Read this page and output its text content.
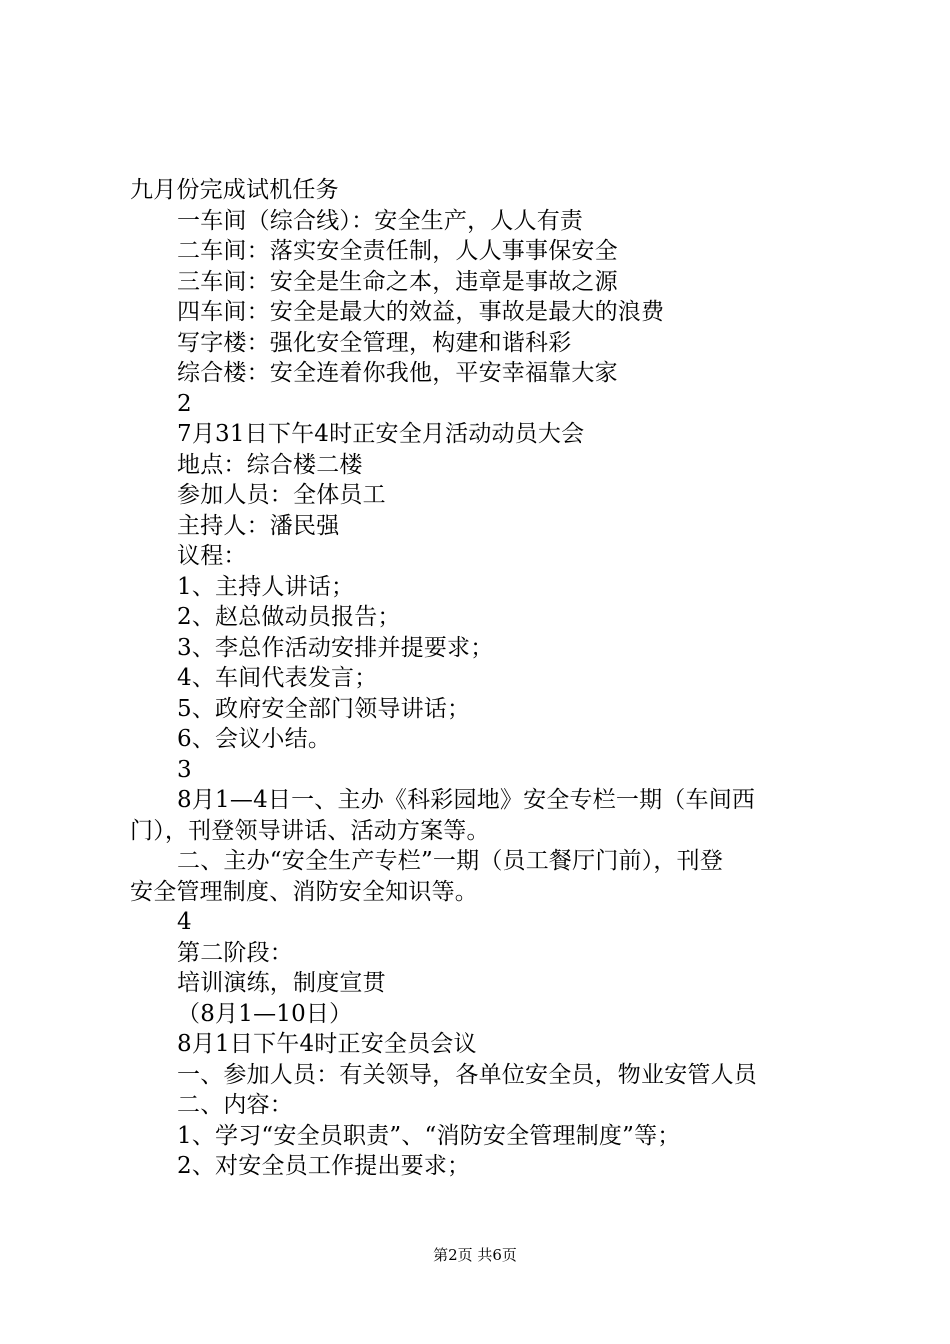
九月份完成试机任务
一车间（综合线）：安全生产，人人有责
二车间：落实安全责任制，人人事事保安全
三车间：安全是生命之本，违章是事故之源
四车间：安全是最大的效益，事故是最大的浪费
写字楼：强化安全管理，构建和谐科彩
综合楼：安全连着你我他，平安幸福靠大家
2
7月31日下午4时正安全月活动动员大会
地点：综合楼二楼
参加人员：全体员工
主持人：潘民强
议程：
1、主持人讲话；
2、赵总做动员报告；
3、李总作活动安排并提要求；
4、车间代表发言；
5、政府安全部门领导讲话；
6、会议小结。
3
8月1—4日一、主办《科彩园地》安全专栏一期（车间西
门），刊登领导讲话、活动方案等。
二、主办“安全生产专栏”一期（员工餐厅门前），刊登
安全管理制度、消防安全知识等。
4
第二阶段：
培训演练，制度宣贯
（8月1—10日）
8月1日下午4时正安全员会议
一、参加人员：有关领导，各单位安全员，物业安管人员
二、内容：
1、学习“安全员职责”、“消防安全管理制度”等；
2、对安全员工作提出要求；
第2页 共6页
